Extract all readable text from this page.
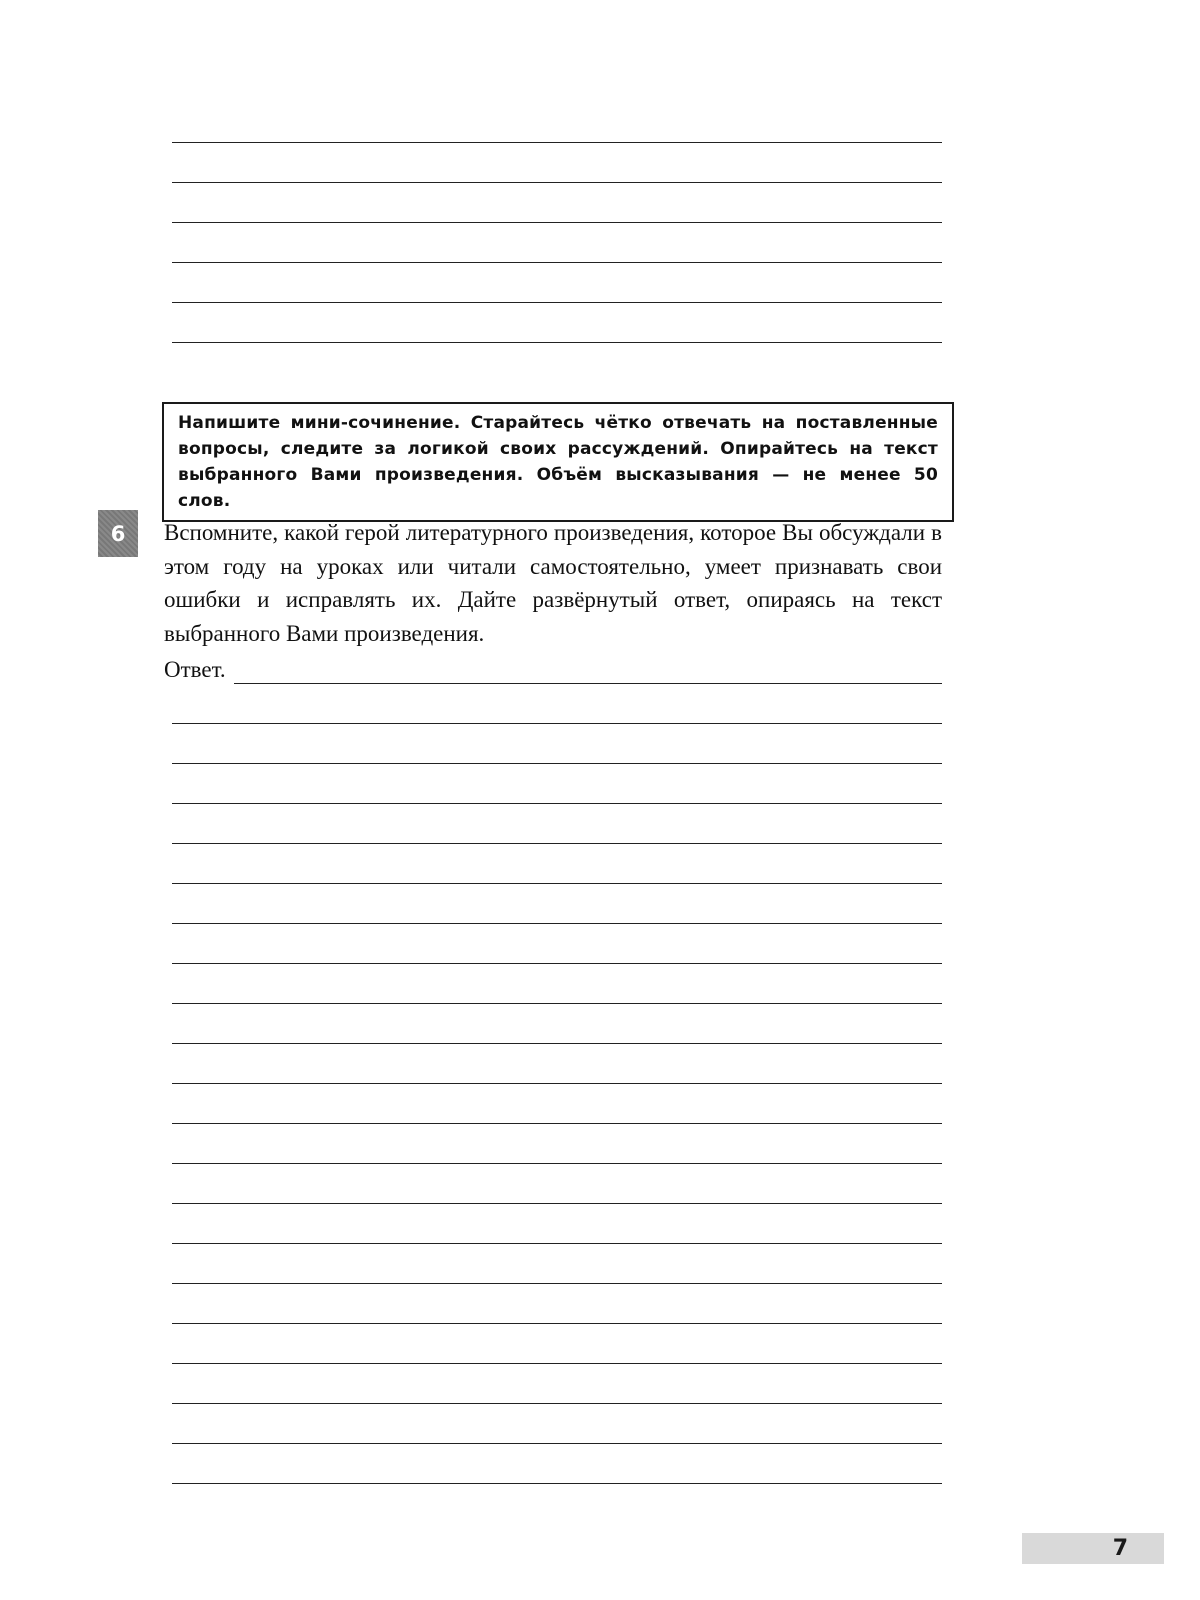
Напишите мини-сочинение. Старайтесь чётко отвечать на поставленные вопросы, следите за логикой своих рассуждений. Опирайтесь на текст выбранного Вами произведения. Объём высказывания — не менее 50 слов.
6 Вспомните, какой герой литературного произведения, которое Вы обсуждали в этом году на уроках или читали самостоятельно, умеет признавать свои ошибки и исправлять их. Дайте развёрнутый ответ, опираясь на текст выбранного Вами произведения.
Ответ.
7
